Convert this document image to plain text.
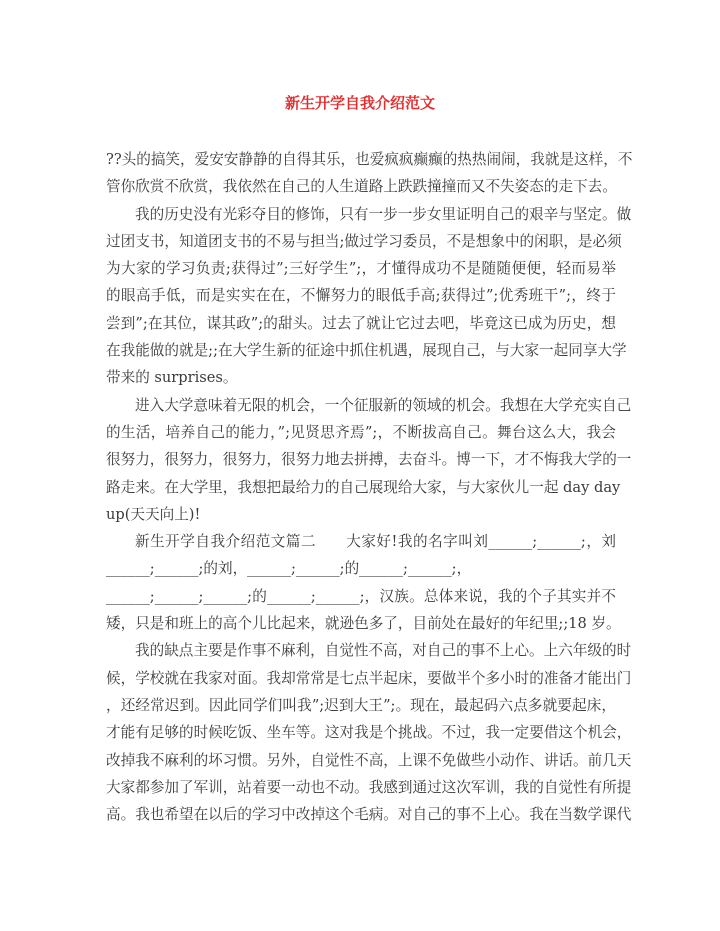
新生开学自我介绍范文
??头的搞笑，爱安安静静的自得其乐，也爱疯疯癫癫的热热闹闹，我就是这样，不
管你欣赏不欣赏，我依然在自己的人生道路上跌跌撞撞而又不失姿态的走下去。
我的历史没有光彩夺目的修饰，只有一步一步女里证明自己的艰辛与坚定。做
过团支书，知道团支书的不易与担当;做过学习委员，不是想象中的闲职，是必须
为大家的学习负责;获得过”;三好学生”;，才懂得成功不是随随便便，轻而易举
的眼高手低，而是实实在在，不懈努力的眼低手高;获得过”;优秀班干”;，终于
尝到”;在其位，谋其政”;的甜头。过去了就让它过去吧，毕竟这已成为历史，想
在我能做的就是;;在大学生新的征途中抓住机遇，展现自己，与大家一起同享大学
带来的 surprises。
进入大学意味着无限的机会，一个征服新的领域的机会。我想在大学充实自己
的生活，培养自己的能力，”;见贤思齐焉”;，不断拔高自己。舞台这么大，我会
很努力，很努力，很努力，很努力地去拼搏，去奋斗。博一下，才不悔我大学的一
路走来。在大学里，我想把最给力的自己展现给大家，与大家伙儿一起 day day
up(天天向上)!
新生开学自我介绍范文篇二　　大家好!我的名字叫刘______;______;，刘
______;______;的刘，______;______;的______;______;，
______;______;______;的______;______;，汉族。总体来说，我的个子其实并不
矮，只是和班上的高个儿比起来，就逊色多了，目前处在最好的年纪里;;18 岁。
我的缺点主要是作事不麻利，自觉性不高，对自己的事不上心。上六年级的时
候，学校就在我家对面。我却常常是七点半起床，要做半个多小时的准备才能出门
，还经常迟到。因此同学们叫我”;迟到大王”;。现在，最起码六点多就要起床，
才能有足够的时候吃饭、坐车等。这对我是个挑战。不过，我一定要借这个机会，
改掉我不麻利的坏习惯。另外，自觉性不高，上课不免做些小动作、讲话。前几天
大家都参加了军训，站着要一动也不动。我感到通过这次军训，我的自觉性有所提
高。我也希望在以后的学习中改掉这个毛病。对自己的事不上心。我在当数学课代
